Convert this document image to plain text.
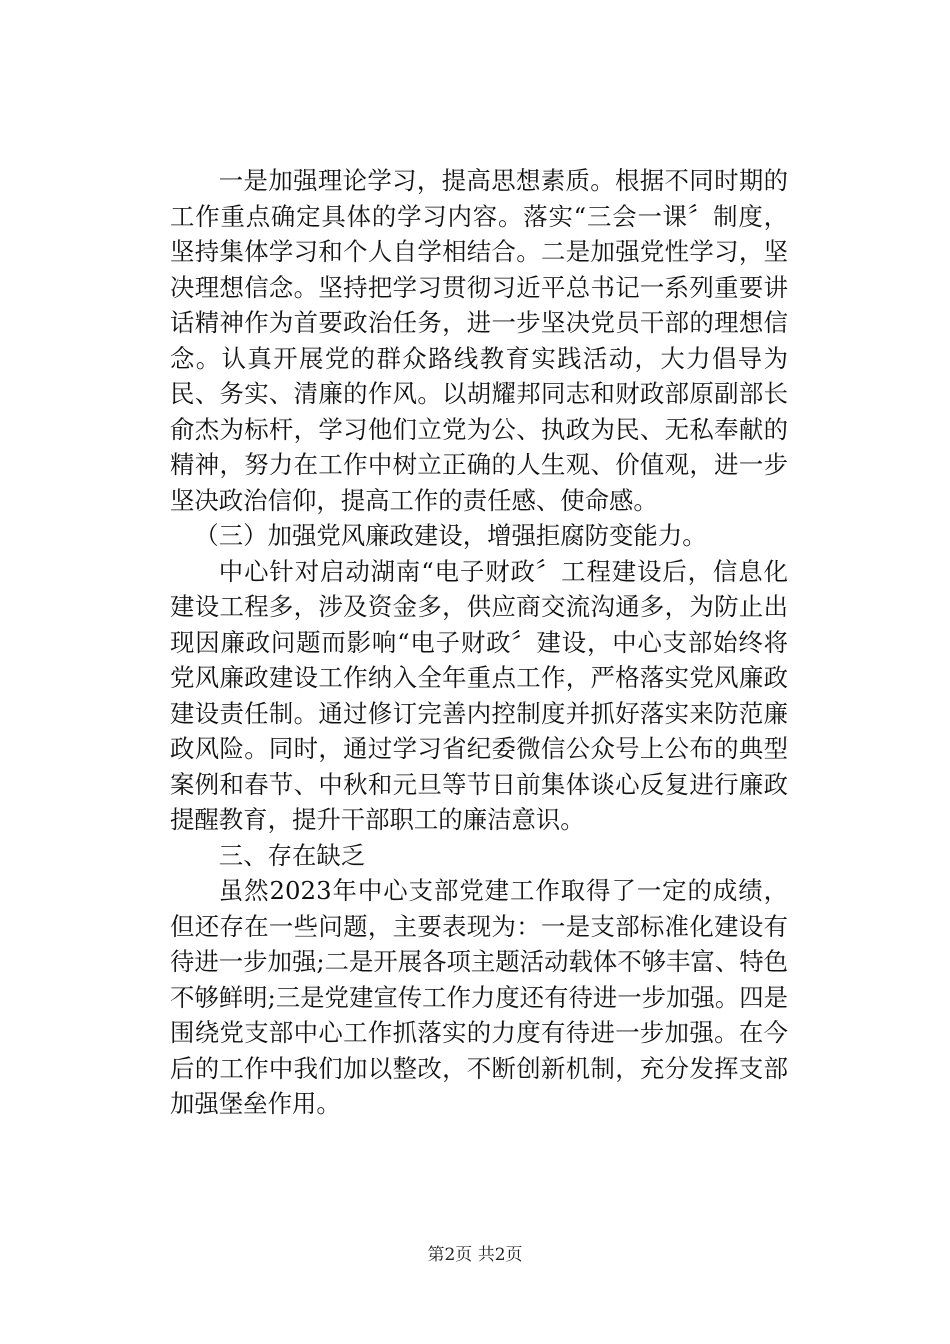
一是加强理论学习，提高思想素质。根据不同时期的工作重点确定具体的学习内容。落实“三会一课〞制度，坚持集体学习和个人自学相结合。二是加强党性学习，坚决理想信念。坚持把学习贯彻习近平总书记一系列重要讲话精神作为首要政治任务，进一步坚决党员干部的理想信念。认真开展党的群众路线教育实践活动，大力倡导为民、务实、清廉的作风。以胡耀邦同志和财政部原副部长俞杰为标杆，学习他们立党为公、执政为民、无私奉献的精神，努力在工作中树立正确的人生观、价值观，进一步坚决政治信仰，提高工作的责任感、使命感。

（三）加强党风廉政建设，增强拒腐防变能力。

中心针对启动湖南“电子财政〞工程建设后，信息化建设工程多，涉及资金多，供应商交流沟通多，为防止出现因廉政问题而影响“电子财政〞建设，中心支部始终将党风廉政建设工作纳入全年重点工作，严格落实党风廉政建设责任制。通过修订完善内控制度并抓好落实来防范廉政风险。同时，通过学习省纪委微信公众号上公布的典型案例和春节、中秋和元旦等节日前集体谈心反复进行廉政提醒教育，提升干部职工的廉洁意识。

三、存在缺乏

虽然2023年中心支部党建工作取得了一定的成绩，但还存在一些问题，主要表现为：一是支部标准化建设有待进一步加强;二是开展各项主题活动载体不够丰富、特色不够鲜明;三是党建宣传工作力度还有待进一步加强。四是围绕党支部中心工作抓落实的力度有待进一步加强。在今后的工作中我们加以整改，不断创新机制，充分发挥支部加强堡垒作用。

第2页 共2页
